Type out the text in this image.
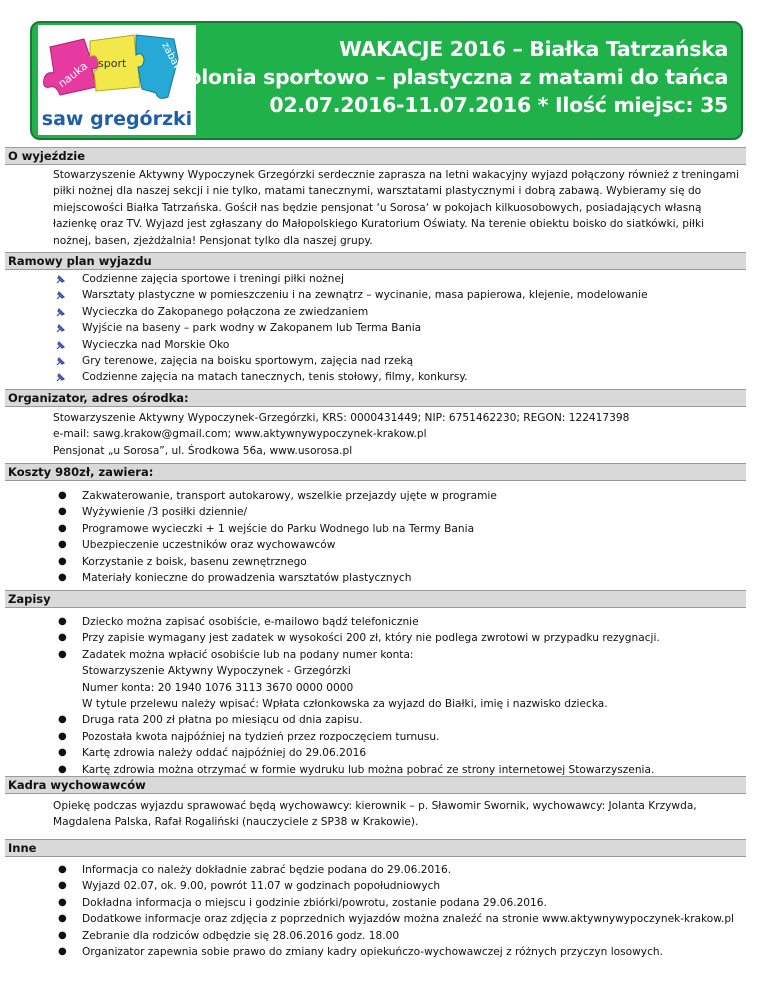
nauka sport	zabawa
saw gregórzki
WAKACJE 2016 – Białka Tatrzańska
kolonia sportowo – plastyczna z matami do tańca
02.07.2016-11.07.2016 * Ilość miejsc: 35
O wyjeździe
Stowarzyszenie Aktywny Wypoczynek Grzegórzki serdecznie zaprasza na letni wakacyjny wyjazd połączony również z treningami
piłki nożnej dla naszej sekcji i nie tylko, matami tanecznymi, warsztatami plastycznymi i dobrą zabawą. Wybieramy się do
miejscowości Białka Tatrzańska. Gościł nas będzie pensjonat ‘u Sorosa‘ w pokojach kilkuosobowych, posiadających własną
łazienkę oraz TV. Wyjazd jest zgłaszany do Małopolskiego Kuratorium Oświaty. Na terenie obiektu boisko do siatkówki, piłki
nożnej, basen, zjeżdżalnia! Pensjonat tylko dla naszej grupy.
Ramowy plan wyjazdu
Codzienne zajęcia sportowe i treningi piłki nożnej
Warsztaty plastyczne w pomieszczeniu i na zewnątrz – wycinanie, masa papierowa, klejenie, modelowanie
Wycieczka do Zakopanego połączona ze zwiedzaniem
Wyjście na baseny – park wodny w Zakopanem lub Terma Bania
Wycieczka nad Morskie Oko
Gry terenowe, zajęcia na boisku sportowym, zajęcia nad rzeką
Codzienne zajęcia na matach tanecznych, tenis stołowy, filmy, konkursy.
Organizator, adres ośrodka:
Stowarzyszenie Aktywny Wypoczynek-Grzegórzki, KRS: 0000431449; NIP: 6751462230; REGON: 122417398
e-mail: sawg.krakow@gmail.com; www.aktywnywypoczynek-krakow.pl
Pensjonat „u Sorosa”, ul. Środkowa 56a, www.usorosa.pl
Koszty 980zł, zawiera:
● Zakwaterowanie, transport autokarowy, wszelkie przejazdy ujęte w programie
● Wyżywienie /3 posiłki dziennie/
● Programowe wycieczki + 1 wejście do Parku Wodnego lub na Termy Bania
● Ubezpieczenie uczestników oraz wychowawców
● Korzystanie z boisk, basenu zewnętrznego
● Materiały konieczne do prowadzenia warsztatów plastycznych
Zapisy
● Dziecko można zapisać osobiście, e-mailowo bądź telefonicznie
● Przy zapisie wymagany jest zadatek w wysokości 200 zł, który nie podlega zwrotowi w przypadku rezygnacji.
● Zadatek można wpłacić osobiście lub na podany numer konta:
Stowarzyszenie Aktywny Wypoczynek - Grzegórzki
Numer konta: 20 1940 1076 3113 3670 0000 0000
W tytule przelewu należy wpisać: Wpłata członkowska za wyjazd do Białki, imię i nazwisko dziecka.
● Druga rata 200 zł płatna po miesiącu od dnia zapisu.
● Pozostała kwota najpóźniej na tydzień przez rozpoczęciem turnusu.
● Kartę zdrowia należy oddać najpóźniej do 29.06.2016
● Kartę zdrowia można otrzymać w formie wydruku lub można pobrać ze strony internetowej Stowarzyszenia.
Kadra wychowawców
Opiekę podczas wyjazdu sprawować będą wychowawcy: kierownik – p. Sławomir Swornik, wychowawcy: Jolanta Krzywda,
Magdalena Palska, Rafał Rogaliński (nauczyciele z SP38 w Krakowie).
Inne
● Informacja co należy dokładnie zabrać będzie podana do 29.06.2016.
● Wyjazd 02.07, ok. 9.00, powrót 11.07 w godzinach popołudniowych
● Dokładna informacja o miejscu i godzinie zbiórki/powrotu, zostanie podana 29.06.2016.
● Dodatkowe informacje oraz zdjęcia z poprzednich wyjazdów można znaleźć na stronie www.aktywnywypoczynek-krakow.pl
● Zebranie dla rodziców odbędzie się 28.06.2016 godz. 18.00
● Organizator zapewnia sobie prawo do zmiany kadry opiekuńczo-wychowawczej z różnych przyczyn losowych.
